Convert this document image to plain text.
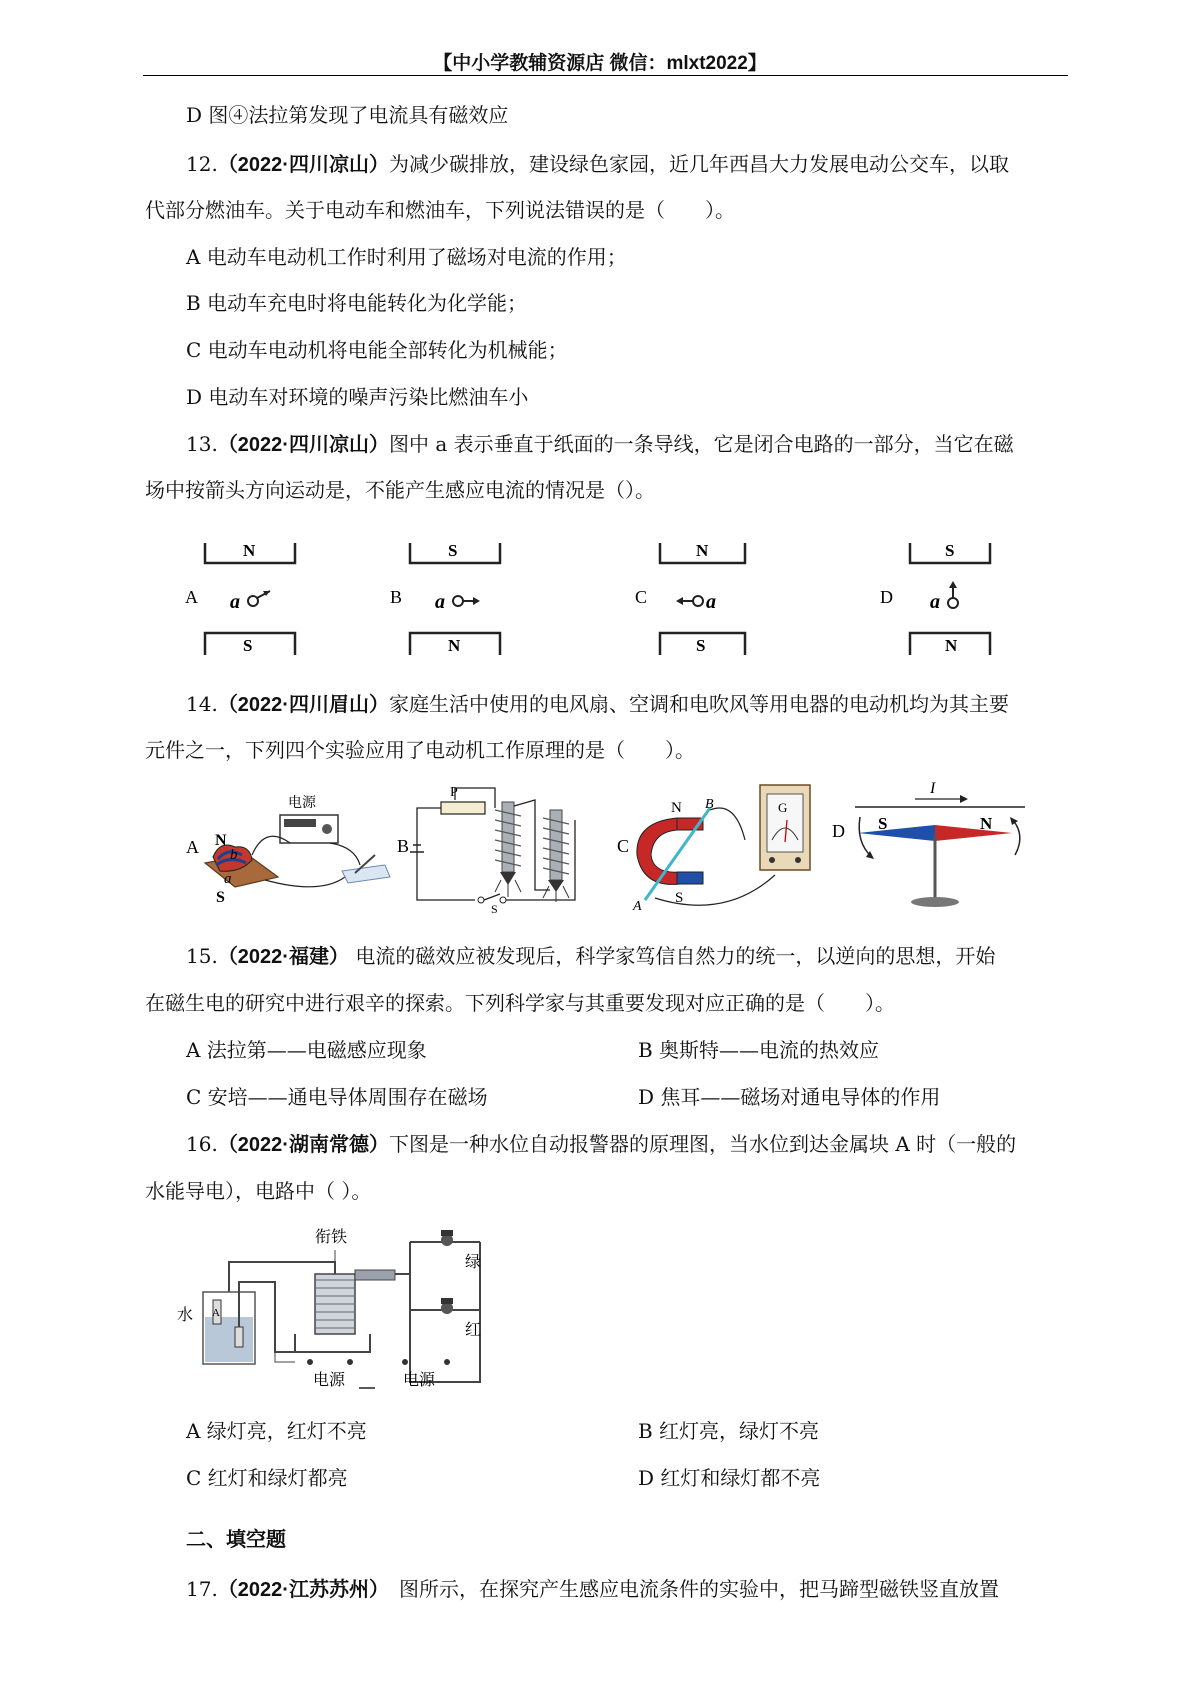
【中小学教辅资源店 微信：mlxt2022】
D 图④法拉第发现了电流具有磁效应
12.（2022·四川凉山）为减少碳排放，建设绿色家园，近几年西昌大力发展电动公交车，以取
代部分燃油车。关于电动车和燃油车，下列说法错误的是（　　）。
A 电动车电动机工作时利用了磁场对电流的作用；
B 电动车充电时将电能转化为化学能；
C 电动车电动机将电能全部转化为机械能；
D 电动车对环境的噪声污染比燃油车小
13.（2022·四川凉山）图中 a 表示垂直于纸面的一条导线，它是闭合电路的一部分，当它在磁
场中按箭头方向运动是，不能产生感应电流的情况是（）。
A
N
S
a	B
S
N
a	C
N
S
a	D
S
N
a
14.（2022·四川眉山）家庭生活中使用的电风扇、空调和电吹风等用电器的电动机均为其主要
元件之一，下列四个实验应用了电动机工作原理的是（　　）。
A
电源
N
b
a
S
B
P
S
C
N
S
A
B	G
D
I
S	N
15.（2022·福建） 电流的磁效应被发现后，科学家笃信自然力的统一，以逆向的思想，开始
在磁生电的研究中进行艰辛的探索。下列科学家与其重要发现对应正确的是（　　）。
A 法拉第——电磁感应现象	B 奥斯特——电流的热效应
C 安培——通电导体周围存在磁场	D 焦耳——磁场对通电导体的作用
16.（2022·湖南常德）下图是一种水位自动报警器的原理图，当水位到达金属块 A 时（一般的
水能导电），电路中（ ）。
绿
红
衔铁
水 A
电源	电源
A 绿灯亮，红灯不亮	B 红灯亮，绿灯不亮
C 红灯和绿灯都亮	D 红灯和绿灯都不亮
二、填空题
17.（2022·江苏苏州）　图所示，在探究产生感应电流条件的实验中，把马蹄型磁铁竖直放置
